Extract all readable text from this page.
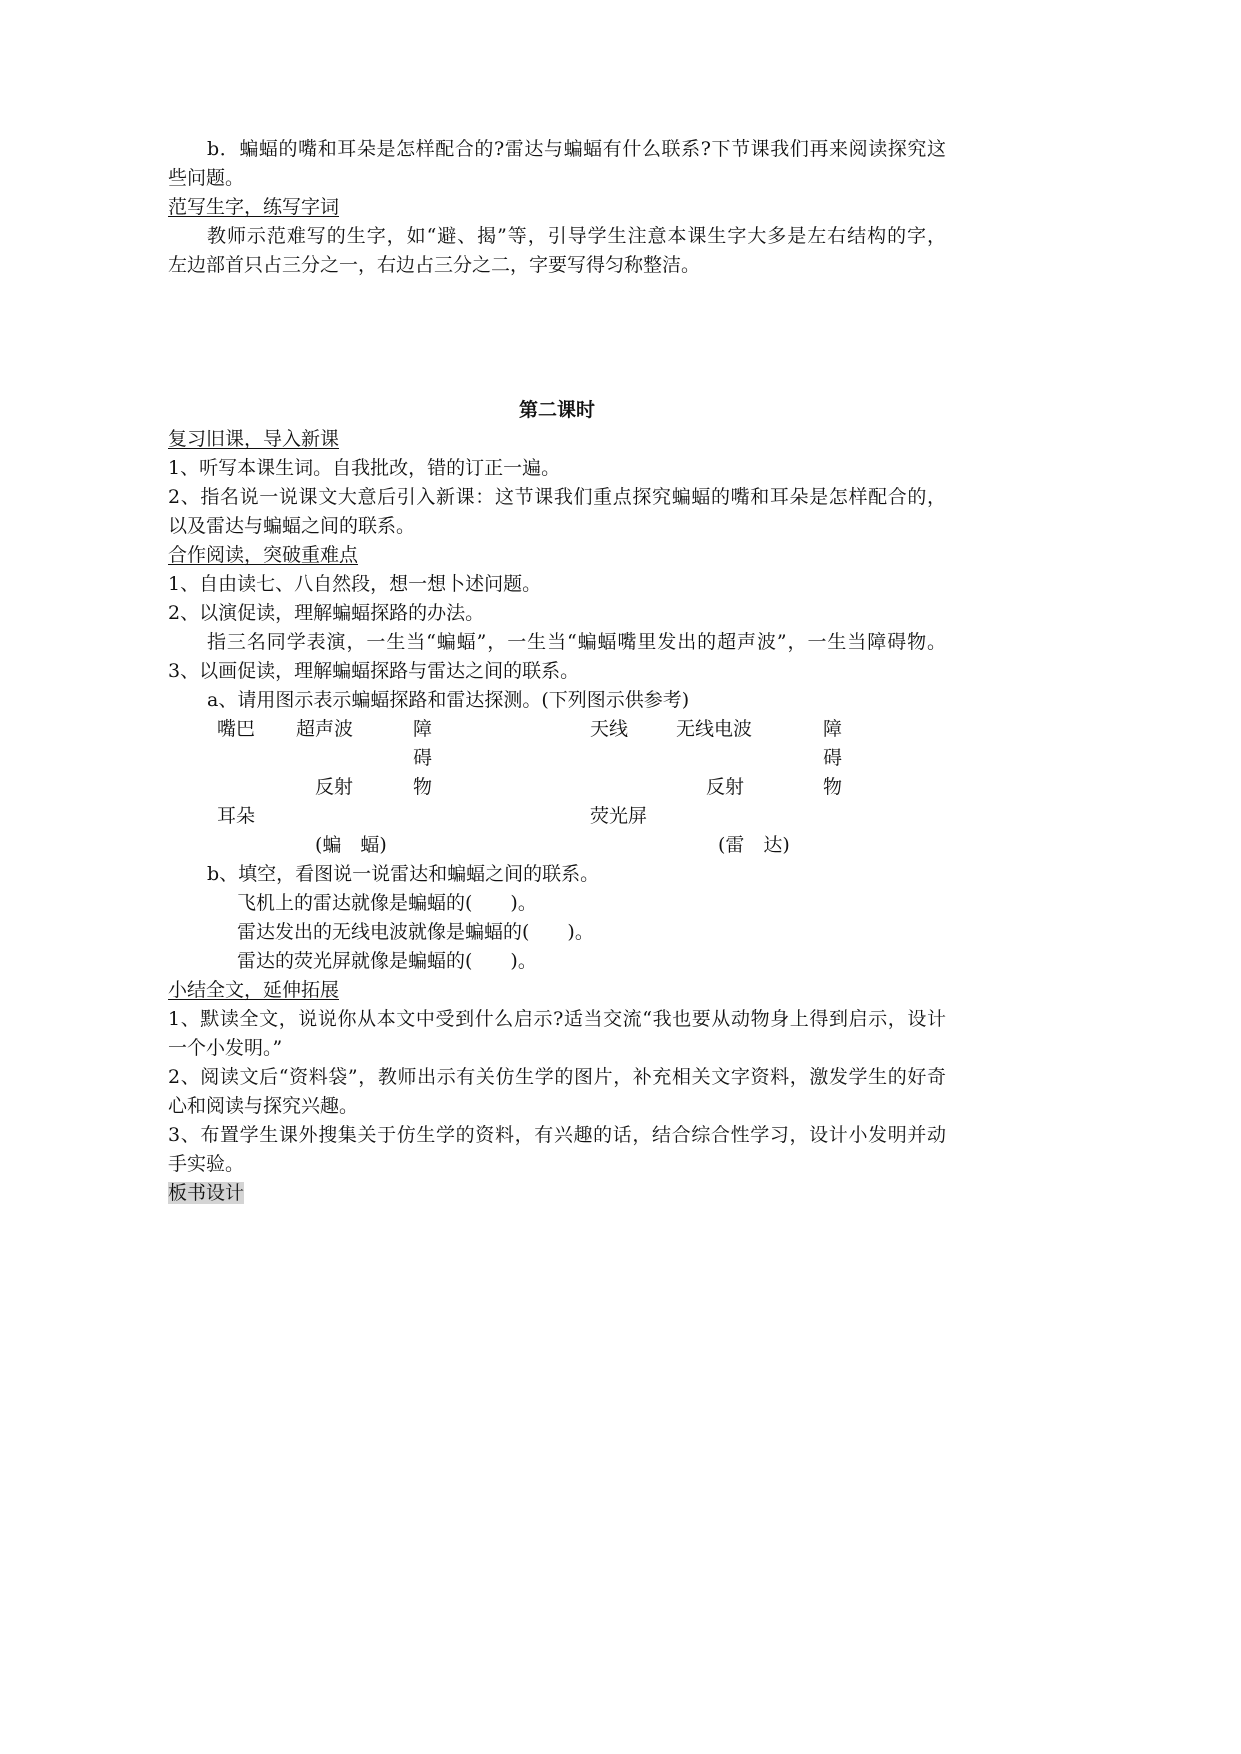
b．蝙蝠的嘴和耳朵是怎样配合的?雷达与蝙蝠有什么联系?下节课我们再来阅读探究这
些问题。
范写生字，练写字词
教师示范难写的生字，如“避、揭”等，引导学生注意本课生字大多是左右结构的字，
左边部首只占三分之一，右边占三分之二，字要写得匀称整洁。
第二课时
复习旧课，导入新课
1、听写本课生词。自我批改，错的订正一遍。
2、指名说一说课文大意后引入新课：这节课我们重点探究蝙蝠的嘴和耳朵是怎样配合的，
以及雷达与蝙蝠之间的联系。
合作阅读，突破重难点
1、自由读七、八自然段，想一想卜述问题。
2、以演促读，理解蝙蝠探路的办法。
指三名同学表演，一生当“蝙蝠”，一生当“蝙蝠嘴里发出的超声波”，一生当障碍物。
3、以画促读，理解蝙蝠探路与雷达之间的联系。
a、请用图示表示蝙蝠探路和雷达探测。(下列图示供参考)
嘴巴 超声波	障	天线	无线电波	障
碍	碍
反射	物	反射	物
耳朵	荧光屏
(蝙　蝠)	(雷　达)
b、填空，看图说一说雷达和蝙蝠之间的联系。
飞机上的雷达就像是蝙蝠的(　　)。
雷达发出的无线电波就像是蝙蝠的(　　)。
雷达的荧光屏就像是蝙蝠的(　　)。
小结全文，延伸拓展
1、默读全文，说说你从本文中受到什么启示?适当交流“我也要从动物身上得到启示，设计
一个小发明。”
2、阅读文后“资料袋”，教师出示有关仿生学的图片，补充相关文字资料，激发学生的好奇
心和阅读与探究兴趣。
3、布置学生课外搜集关于仿生学的资料，有兴趣的话，结合综合性学习，设计小发明并动
手实验。
板书设计
